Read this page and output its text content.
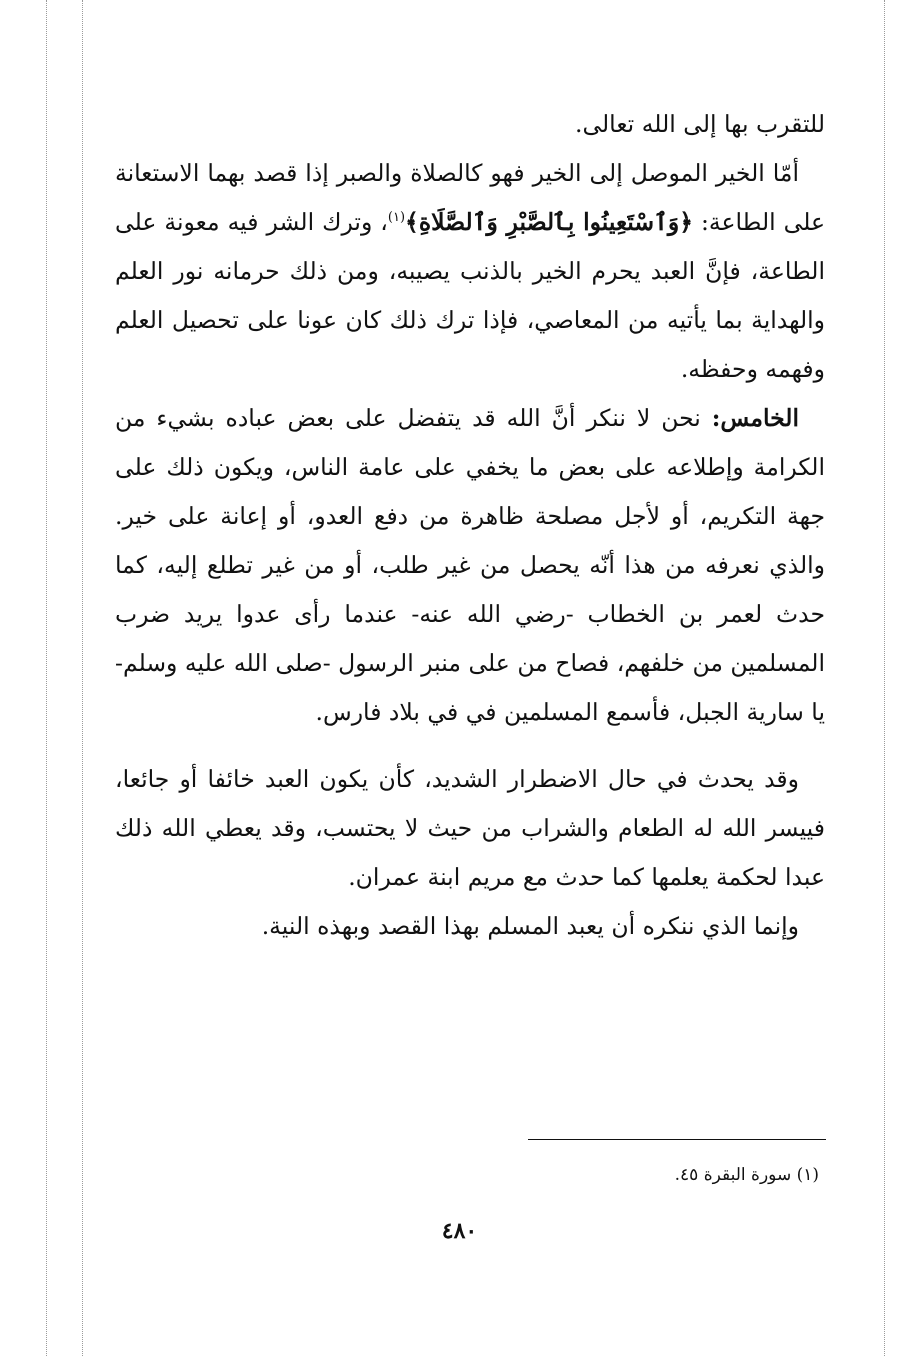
للتقرب بها إلى الله تعالى.

أمّا الخير الموصل إلى الخير فهو كالصلاة والصبر إذا قصد بهما الاستعانة على الطاعة: ﴿وَٱسْتَعِينُوا بِٱلصَّبْرِ وَٱلصَّلَاةِ﴾$^{(١)}$، وترك الشر فيه معونة على الطاعة، فإنَّ العبد يحرم الخير بالذنب يصيبه، ومن ذلك حرمانه نور العلم والهداية بما يأتيه من المعاصي، فإذا ترك ذلك كان عونا على تحصيل العلم وفهمه وحفظه.

الخامس: نحن لا ننكر أنَّ الله قد يتفضل على بعض عباده بشيء من الكرامة وإطلاعه على بعض ما يخفي على عامة الناس، ويكون ذلك على جهة التكريم، أو لأجل مصلحة ظاهرة من دفع العدو، أو إعانة على خير. والذي نعرفه من هذا أنّه يحصل من غير طلب، أو من غير تطلع إليه، كما حدث لعمر بن الخطاب -رضي الله عنه- عندما رأى عدوا يريد ضرب المسلمين من خلفهم، فصاح من على منبر الرسول -صلى الله عليه وسلم- يا سارية الجبل، فأسمع المسلمين في في بلاد فارس.

وقد يحدث في حال الاضطرار الشديد، كأن يكون العبد خائفا أو جائعا، فييسر الله له الطعام والشراب من حيث لا يحتسب، وقد يعطي الله ذلك عبدا لحكمة يعلمها كما حدث مع مريم ابنة عمران.

وإنما الذي ننكره أن يعبد المسلم بهذا القصد وبهذه النية.

(١) سورة البقرة ٤٥.
٤٨٠
